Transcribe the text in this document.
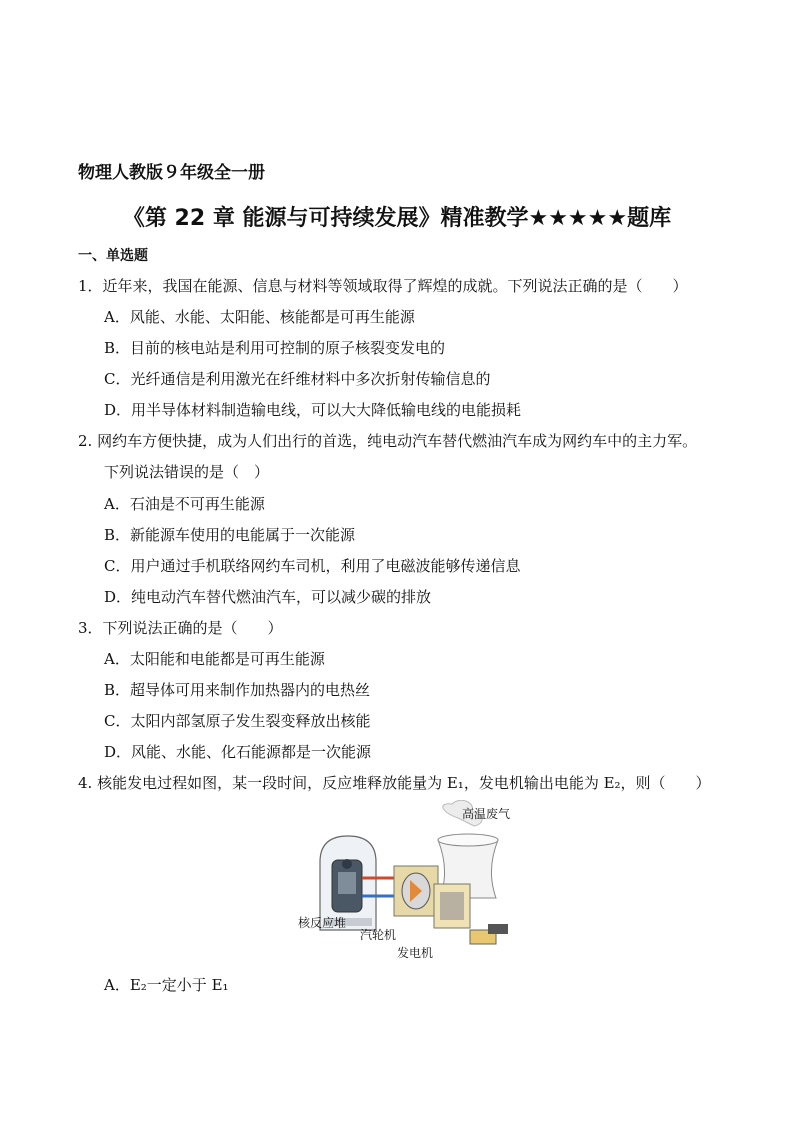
物理人教版９年级全一册
《第 22 章 能源与可持续发展》精准教学★★★★★题库
一、单选题
1．近年来，我国在能源、信息与材料等领域取得了辉煌的成就。下列说法正确的是（　　）
A．风能、水能、太阳能、核能都是可再生能源
B．目前的核电站是利用可控制的原子核裂变发电的
C．光纤通信是利用激光在纤维材料中多次折射传输信息的
D．用半导体材料制造输电线，可以大大降低输电线的电能损耗
2. 网约车方便快捷，成为人们出行的首选，纯电动汽车替代燃油汽车成为网约车中的主力军。
下列说法错误的是（　）
A．石油是不可再生能源
B．新能源车使用的电能属于一次能源
C．用户通过手机联络网约车司机，利用了电磁波能够传递信息
D．纯电动汽车替代燃油汽车，可以减少碳的排放
3．下列说法正确的是（　　）
A．太阳能和电能都是可再生能源
B．超导体可用来制作加热器内的电热丝
C．太阳内部氢原子发生裂变释放出核能
D．风能、水能、化石能源都是一次能源
4. 核能发电过程如图，某一段时间，反应堆释放能量为 E₁，发电机输出电能为 E₂，则（　　）
高温废气
核反应堆
汽轮机
发电机
A．E₂一定小于 E₁
